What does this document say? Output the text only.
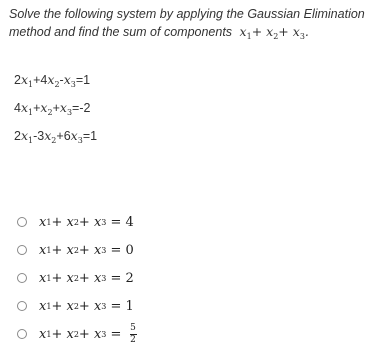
Solve the following system by applying the Gaussian Elimination
method and find the sum of components $x_1+ x_2+ x_3$.
$2x_1+4x_2-x_3=1$
$4x_1+x_2+x_3=-2$
$2x_1-3x_2+6x_3=1$
x 1 + x 2 + x 3 = 4
x 1 + x 2 + x 3 = 0
x 1 + x 2 + x 3 = 2
x 1 + x 2 + x 3 = 1
x 1 + x 2 + x $3 = \frac{5}{2}$
